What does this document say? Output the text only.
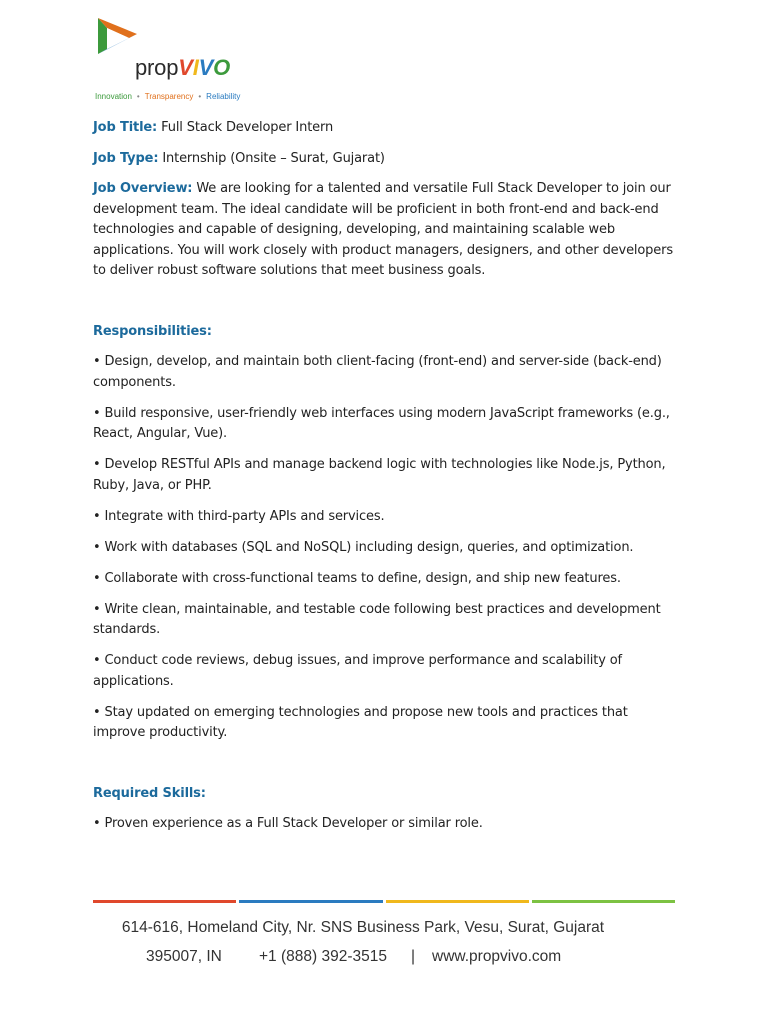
propVIVO
Innovation • Transparency • Reliability

Job Title: Full Stack Developer Intern

Job Type: Internship (Onsite – Surat, Gujarat)

Job Overview: We are looking for a talented and versatile Full Stack Developer to join our development team. The ideal candidate will be proficient in both front-end and back-end technologies and capable of designing, developing, and maintaining scalable web applications. You will work closely with product managers, designers, and other developers to deliver robust software solutions that meet business goals.

Responsibilities:

• Design, develop, and maintain both client-facing (front-end) and server-side (back-end) components.

• Build responsive, user-friendly web interfaces using modern JavaScript frameworks (e.g., React, Angular, Vue).

• Develop RESTful APIs and manage backend logic with technologies like Node.js, Python, Ruby, Java, or PHP.

• Integrate with third-party APIs and services.

• Work with databases (SQL and NoSQL) including design, queries, and optimization.

• Collaborate with cross-functional teams to define, design, and ship new features.

• Write clean, maintainable, and testable code following best practices and development standards.

• Conduct code reviews, debug issues, and improve performance and scalability of applications.

• Stay updated on emerging technologies and propose new tools and practices that improve productivity.

Required Skills:

• Proven experience as a Full Stack Developer or similar role.

614-616, Homeland City, Nr. SNS Business Park, Vesu, Surat, Gujarat
395007, IN +1 (888) 392-3515 | www.propvivo.com
